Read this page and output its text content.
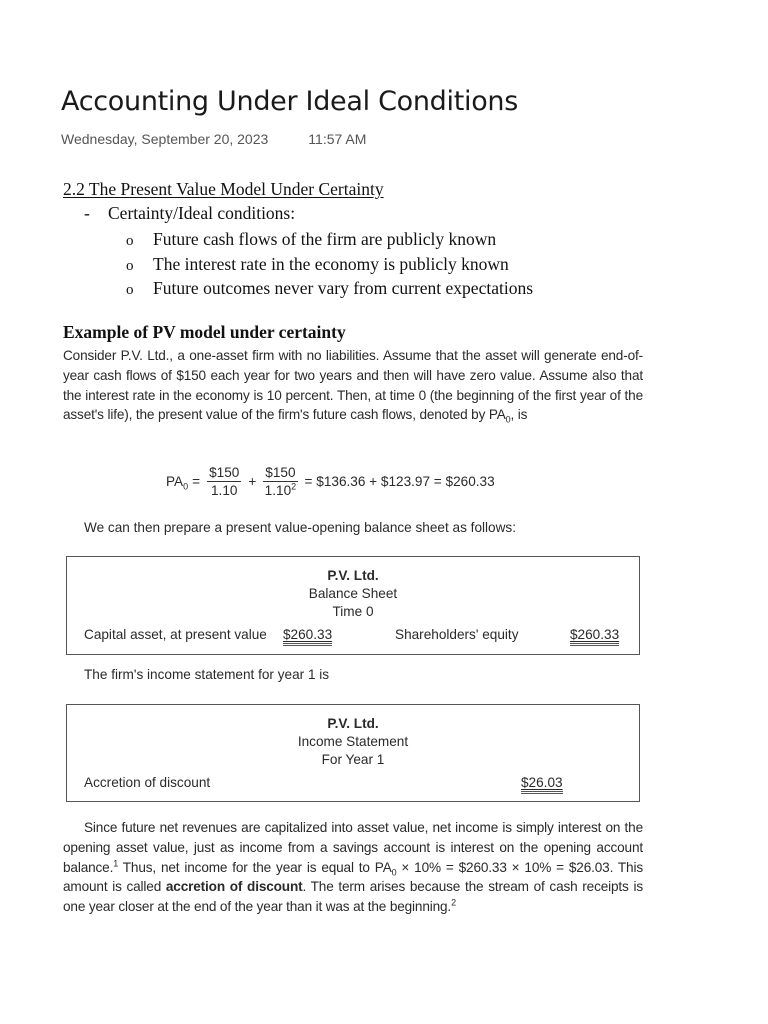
Accounting Under Ideal Conditions
Wednesday, September 20, 2023	11:57 AM
2.2 The Present Value Model Under Certainty
- Certainty/Ideal conditions:
o Future cash flows of the firm are publicly known
o The interest rate in the economy is publicly known
o Future outcomes never vary from current expectations
Example of PV model under certainty
Consider P.V. Ltd., a one-asset firm with no liabilities. Assume that the asset will generate end-of-year cash flows of $150 each year for two years and then will have zero value. Assume also that the interest rate in the economy is 10 percent. Then, at time 0 (the beginning of the first year of the asset's life), the present value of the firm's future cash flows, denoted by $PA_0$, is
$PA_0 = \frac{\$150}{1.10} + \frac{\$150}{1.10^2}$ = $136.36 + $123.97 = $260.33
We can then prepare a present value-opening balance sheet as follows:
P.V. Ltd.
Balance Sheet
Time 0
Capital asset, at present value $260.33	Shareholders' equity	$260.33
The firm's income statement for year 1 is
P.V. Ltd.
Income Statement
For Year 1
Accretion of discount	$26.03
Since future net revenues are capitalized into asset value, net income is simply interest on the opening asset value, just as income from a savings account is interest on the opening account balance.$^1$ Thus, net income for the year is equal to $PA_0 \times 10\%$ = $260.33 × 10% = $26.03. This amount is called accretion of discount. The term arises because the stream of cash receipts is one year closer at the end of the year than it was at the beginning.$^2$
